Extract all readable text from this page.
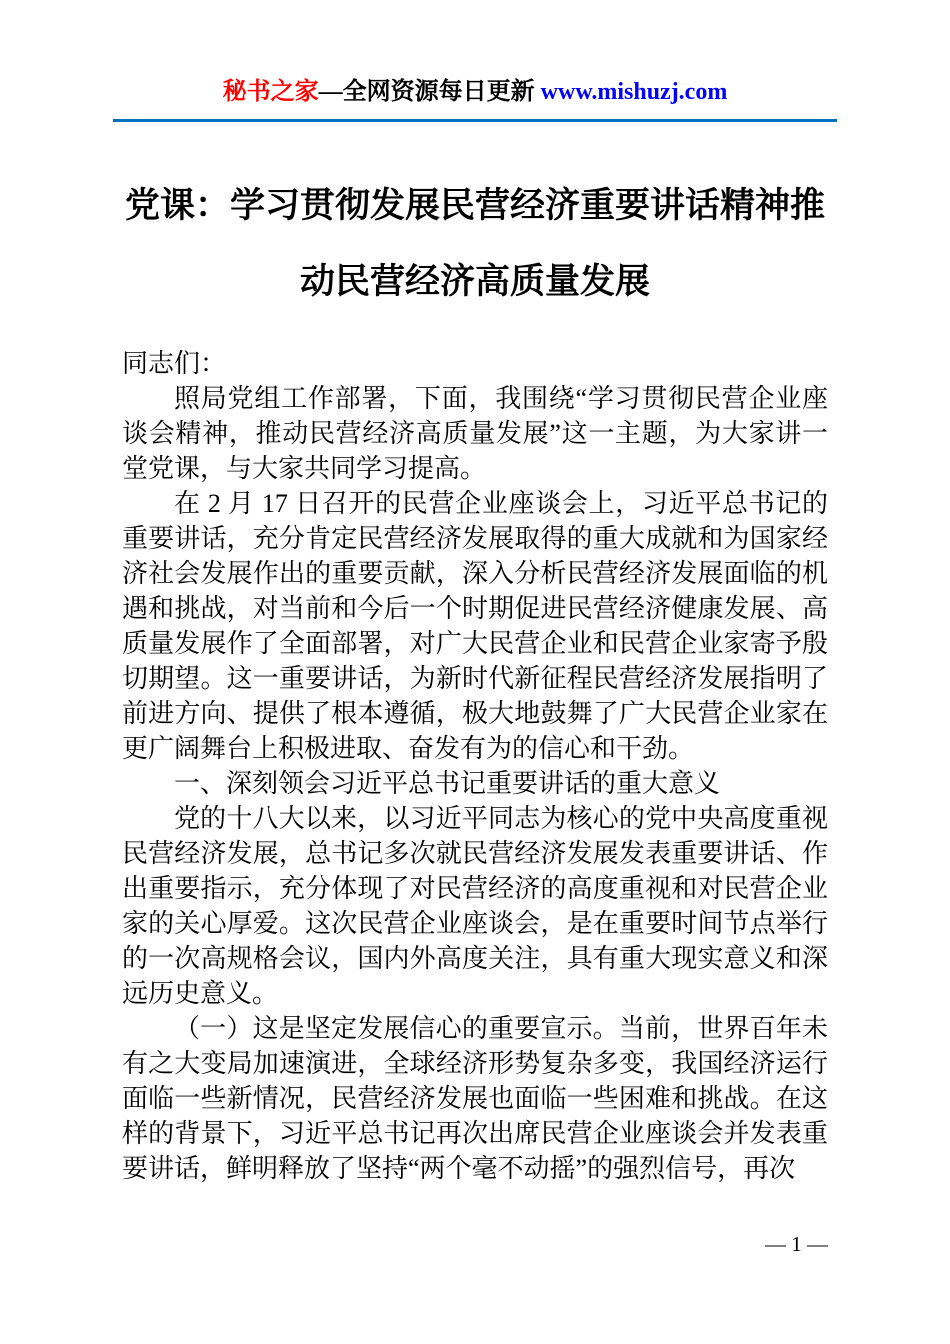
秘书之家—全网资源每日更新 www.mishuzj.com
党课：学习贯彻发展民营经济重要讲话精神推
动民营经济高质量发展

同志们：

照局党组工作部署，下面，我围绕“学习贯彻民营企业座谈会精神，推动民营经济高质量发展”这一主题，为大家讲一堂党课，与大家共同学习提高。

在 2 月 17 日召开的民营企业座谈会上，习近平总书记的重要讲话，充分肯定民营经济发展取得的重大成就和为国家经济社会发展作出的重要贡献，深入分析民营经济发展面临的机遇和挑战，对当前和今后一个时期促进民营经济健康发展、高质量发展作了全面部署，对广大民营企业和民营企业家寄予殷切期望。这一重要讲话，为新时代新征程民营经济发展指明了前进方向、提供了根本遵循，极大地鼓舞了广大民营企业家在更广阔舞台上积极进取、奋发有为的信心和干劲。

一、深刻领会习近平总书记重要讲话的重大意义

党的十八大以来，以习近平同志为核心的党中央高度重视民营经济发展，总书记多次就民营经济发展发表重要讲话、作出重要指示，充分体现了对民营经济的高度重视和对民营企业家的关心厚爱。这次民营企业座谈会，是在重要时间节点举行的一次高规格会议，国内外高度关注，具有重大现实意义和深远历史意义。

（一）这是坚定发展信心的重要宣示。当前，世界百年未有之大变局加速演进，全球经济形势复杂多变，我国经济运行面临一些新情况，民营经济发展也面临一些困难和挑战。在这样的背景下，习近平总书记再次出席民营企业座谈会并发表重要讲话，鲜明释放了坚持“两个毫不动摇”的强烈信号，再次

— 1 —
